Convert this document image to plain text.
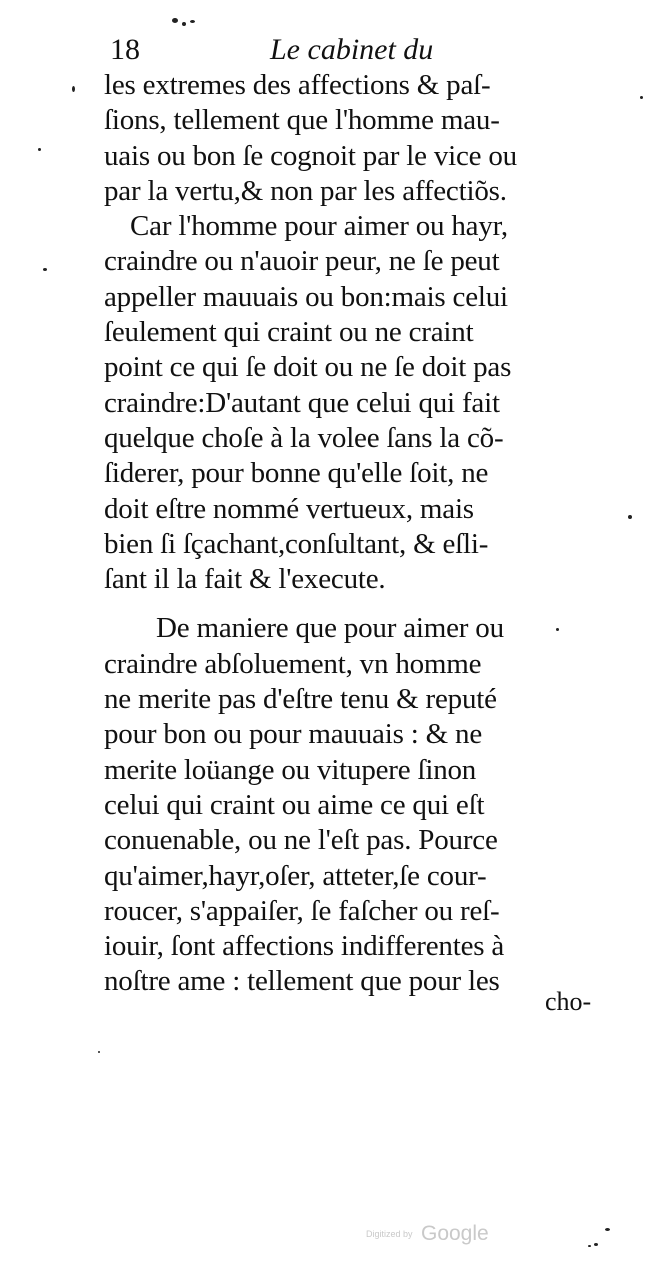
18	Le cabinet du
les extremes des affections & paſ-
ſions, tellement que l'homme mau-
uais ou bon ſe cognoit par le vice ou
par la vertu,& non par les affectiõs.
Car l'homme pour aimer ou hayr,
craindre ou n'auoir peur, ne ſe peut
appeller mauuais ou bon:mais celui
ſeulement qui craint ou ne craint
point ce qui ſe doit ou ne ſe doit pas
craindre:D'autant que celui qui fait
quelque choſe à la volee ſans la cõ-
ſiderer, pour bonne qu'elle ſoit, ne
doit eſtre nommé vertueux, mais
bien ſi ſçachant,conſultant, & eſli-
ſant il la fait & l'execute.
De maniere que pour aimer ou
craindre abſoluement, vn homme
ne merite pas d'eſtre tenu & reputé
pour bon ou pour mauuais : & ne
merite loüange ou vitupere ſinon
celui qui craint ou aime ce qui eſt
conuenable, ou ne l'eſt pas. Pource
qu'aimer,hayr,oſer, atteter,ſe cour-
roucer, s'appaiſer, ſe faſcher ou reſ-
iouir, ſont affections indifferentes à
noſtre ame : tellement que pour les
cho-
Digitized by Google
